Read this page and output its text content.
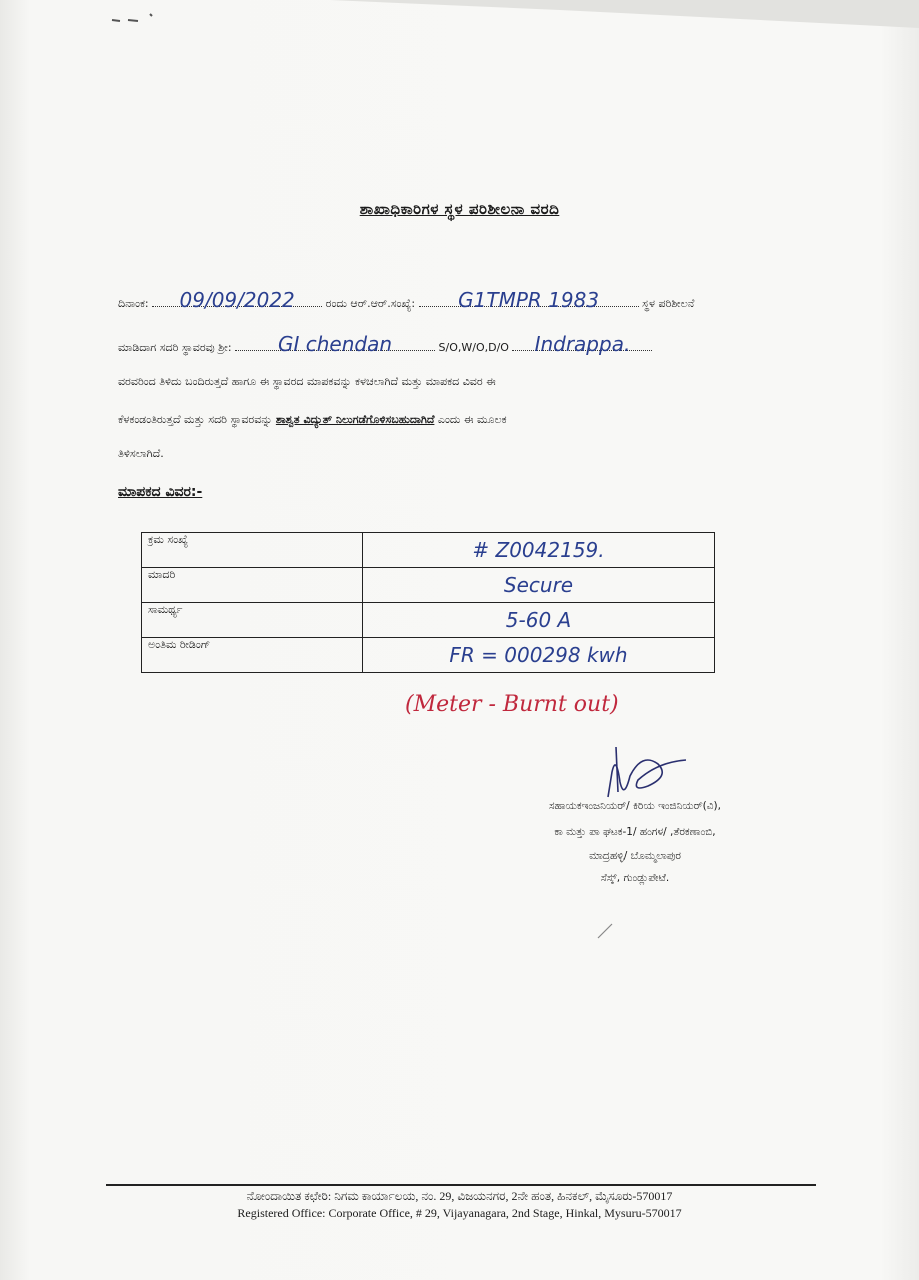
ಶಾಖಾಧಿಕಾರಿಗಳ ಸ್ಥಳ ಪರಿಶೀಲನಾ ವರದಿ
ದಿನಾಂಕ: 09/09/2022	ರಂದು ಆರ್.ಆರ್.ಸಂಖ್ಯೆ: G1TMPR 1983	ಸ್ಥಳ ಪರಿಶೀಲನೆ
ಮಾಡಿದಾಗ ಸದರಿ ಸ್ಥಾವರವು ಶ್ರೀ: GI chendan	S/O,W/O,D/O Indrappa.
ವರವರಿಂದ ತಿಳಿದು ಬಂದಿರುತ್ತದೆ ಹಾಗೂ ಈ ಸ್ಥಾವರದ ಮಾಪಕವನ್ನು ಕಳಚಲಾಗಿದೆ ಮತ್ತು ಮಾಪಕದ ವಿವರ ಈ
ಕೆಳಕಂಡಂತಿರುತ್ತದೆ ಮತ್ತು ಸದರಿ ಸ್ಥಾವರವನ್ನು ಶಾಶ್ವತ ವಿದ್ಯುತ್ ನಿಲುಗಡೆಗೊಳಿಸಬಹುದಾಗಿದೆ ಎಂದು ಈ ಮೂಲಕ
ತಿಳಿಸಲಾಗಿದೆ.
ಮಾಪಕದ ವಿವರ:-
ಕ್ರಮ ಸಂಖ್ಯೆ	# Z0042159.
ಮಾದರಿ	Secure
ಸಾಮರ್ಥ್ಯ	5-60 A
ಅಂತಿಮ ರೀಡಿಂಗ್	FR = 000298 kwh
(Meter - Burnt out)
ಸಹಾಯಕಇಂಜನಿಯರ್/ ಕಿರಿಯ ಇಂಜಿನಿಯರ್(ವಿ),
ಕಾ ಮತ್ತು ಪಾ ಘಟಕ-1/ ಹಂಗಳ/ ,ತೆರಕಣಾಂಬಿ,
ಮಾದ್ರಹಳ್ಳಿ/ ಬೊಮ್ಮಲಾಪುರ
ಸೆಸ್ಕ್, ಗುಂಡ್ಲುಪೇಟೆ.
ನೋಂದಾಯಿತ ಕಛೇರಿ: ನಿಗಮ ಕಾರ್ಯಾಲಯ, ನಂ. 29, ವಿಜಯನಗರ, 2ನೇ ಹಂತ, ಹಿನಕಲ್, ಮೈಸೂರು-570017
Registered Office: Corporate Office, # 29, Vijayanagara, 2nd Stage, Hinkal, Mysuru-570017
